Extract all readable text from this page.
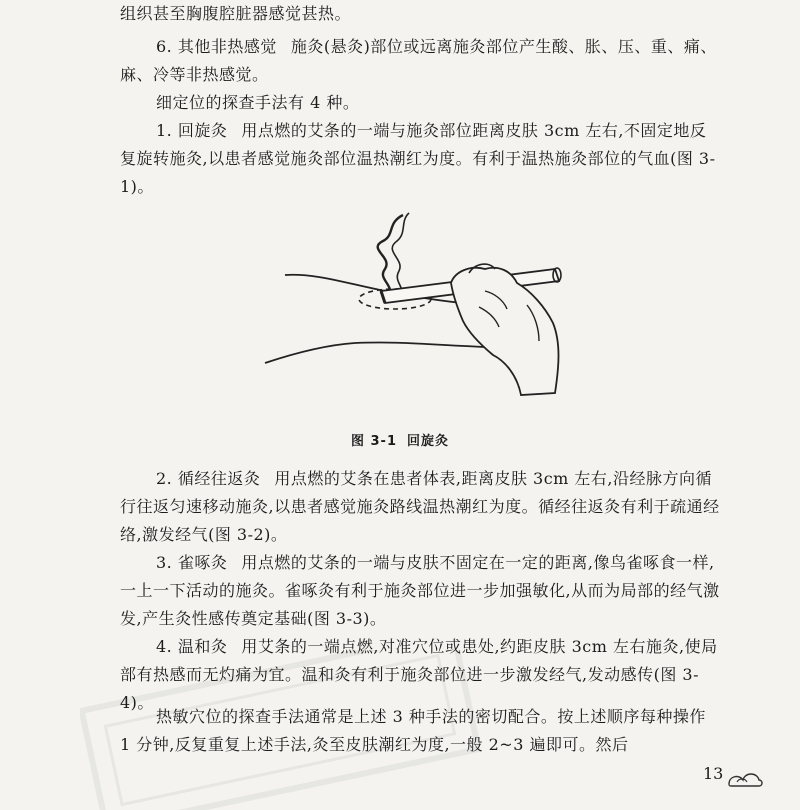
组织甚至胸腹腔脏器感觉甚热。

6. 其他非热感觉 施灸(悬灸)部位或远离施灸部位产生酸、胀、压、重、痛、麻、冷等非热感觉。

细定位的探查手法有 4 种。

1. 回旋灸 用点燃的艾条的一端与施灸部位距离皮肤 3cm 左右,不固定地反复旋转施灸,以患者感觉施灸部位温热潮红为度。有利于温热施灸部位的气血(图 3-1)。

图 3-1 回旋灸

2. 循经往返灸 用点燃的艾条在患者体表,距离皮肤 3cm 左右,沿经脉方向循行往返匀速移动施灸,以患者感觉施灸路线温热潮红为度。循经往返灸有利于疏通经络,激发经气(图 3-2)。

3. 雀啄灸 用点燃的艾条的一端与皮肤不固定在一定的距离,像鸟雀啄食一样,一上一下活动的施灸。雀啄灸有利于施灸部位进一步加强敏化,从而为局部的经气激发,产生灸性感传奠定基础(图 3-3)。

4. 温和灸 用艾条的一端点燃,对准穴位或患处,约距皮肤 3cm 左右施灸,使局部有热感而无灼痛为宜。温和灸有利于施灸部位进一步激发经气,发动感传(图 3-4)。

热敏穴位的探查手法通常是上述 3 种手法的密切配合。按上述顺序每种操作 1 分钟,反复重复上述手法,灸至皮肤潮红为度,一般 2~3 遍即可。然后

13
